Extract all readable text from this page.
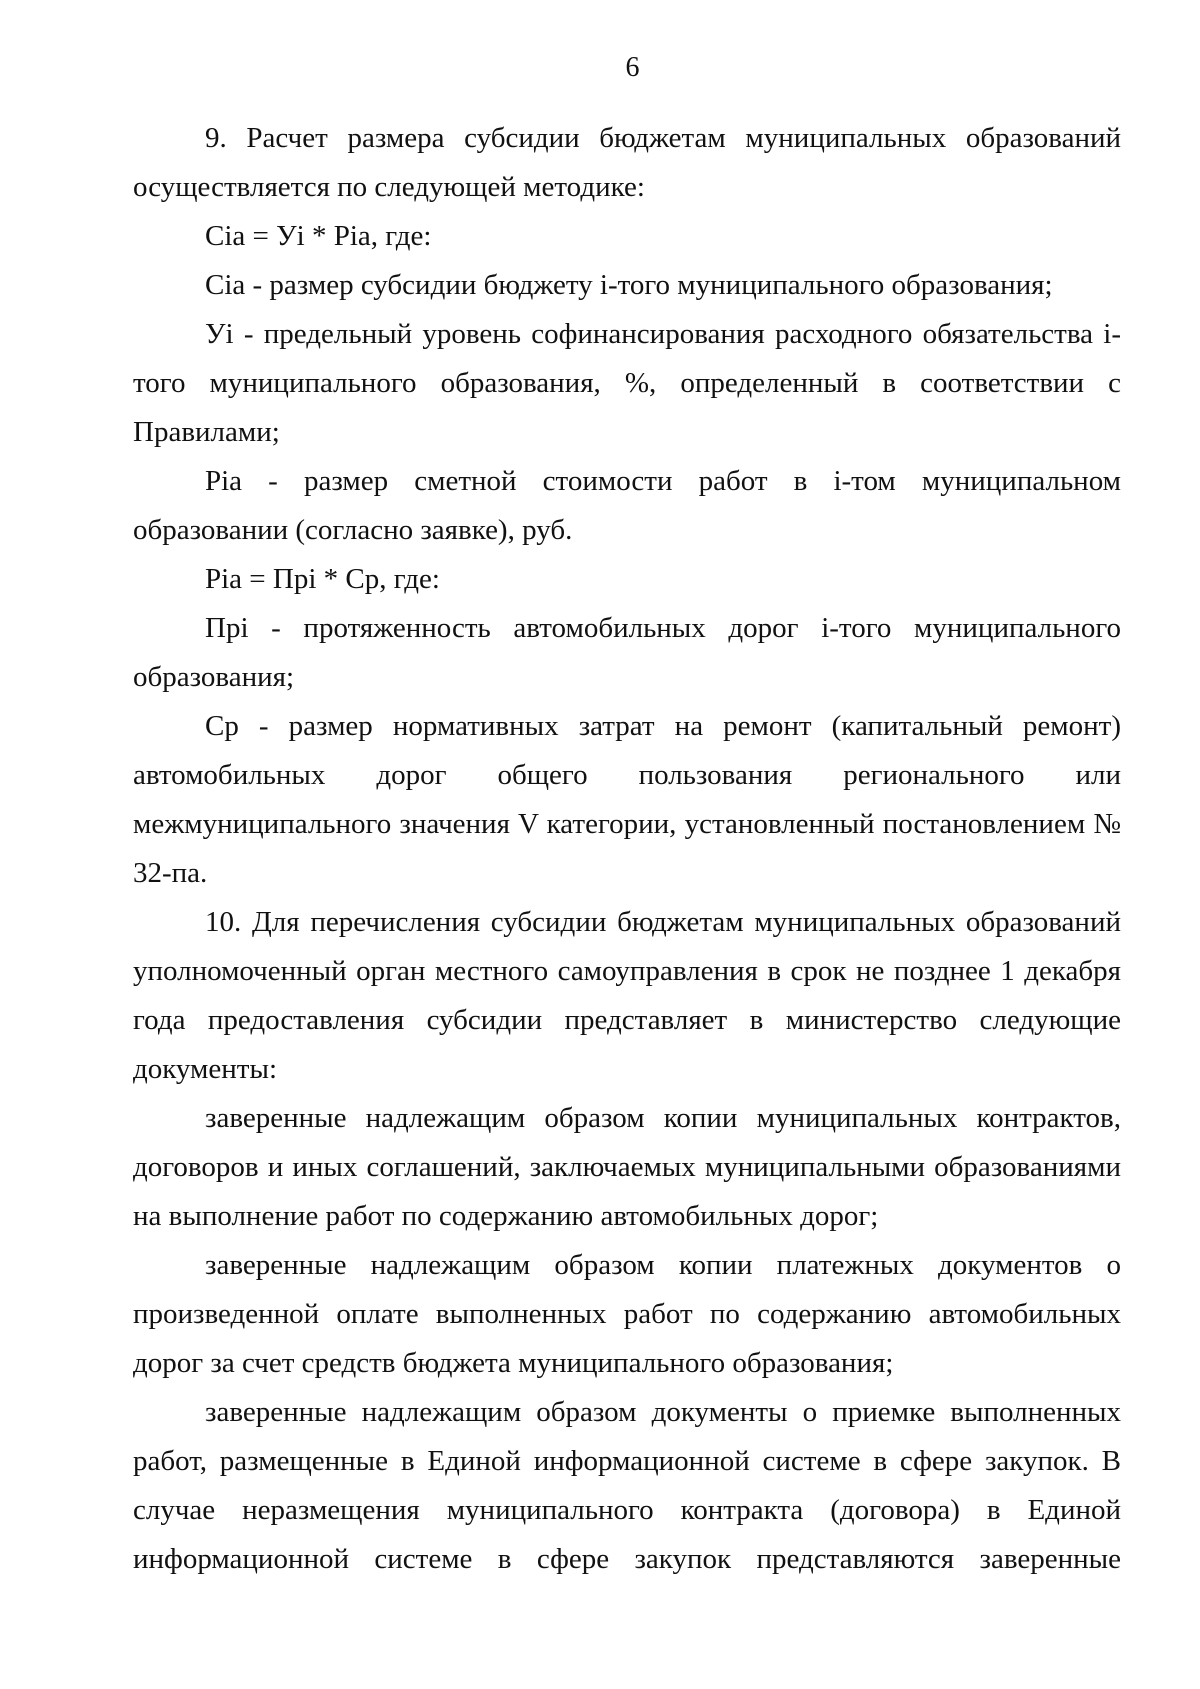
6

9. Расчет размера субсидии бюджетам муниципальных образований осуществляется по следующей методике:

Cia = Уi * Pia, где:

Cia - размер субсидии бюджету i-того муниципального образования;

Уi - предельный уровень софинансирования расходного обязательства i-того муниципального образования, %, определенный в соответствии с Правилами;

Pia - размер сметной стоимости работ в i-том муниципальном образовании (согласно заявке), руб.

Pia = Прi * Cp, где:

Прi - протяженность автомобильных дорог i-того муниципального образования;

Ср - размер нормативных затрат на ремонт (капитальный ремонт) автомобильных дорог общего пользования регионального или межмуниципального значения V категории, установленный постановлением № 32-па.

10. Для перечисления субсидии бюджетам муниципальных образований уполномоченный орган местного самоуправления в срок не позднее 1 декабря года предоставления субсидии представляет в министерство следующие документы:

заверенные надлежащим образом копии муниципальных контрактов, договоров и иных соглашений, заключаемых муниципальными образованиями на выполнение работ по содержанию автомобильных дорог;

заверенные надлежащим образом копии платежных документов о произведенной оплате выполненных работ по содержанию автомобильных дорог за счет средств бюджета муниципального образования;

заверенные надлежащим образом документы о приемке выполненных работ, размещенные в Единой информационной системе в сфере закупок. В случае неразмещения муниципального контракта (договора) в Единой информационной системе в сфере закупок представляются заверенные
